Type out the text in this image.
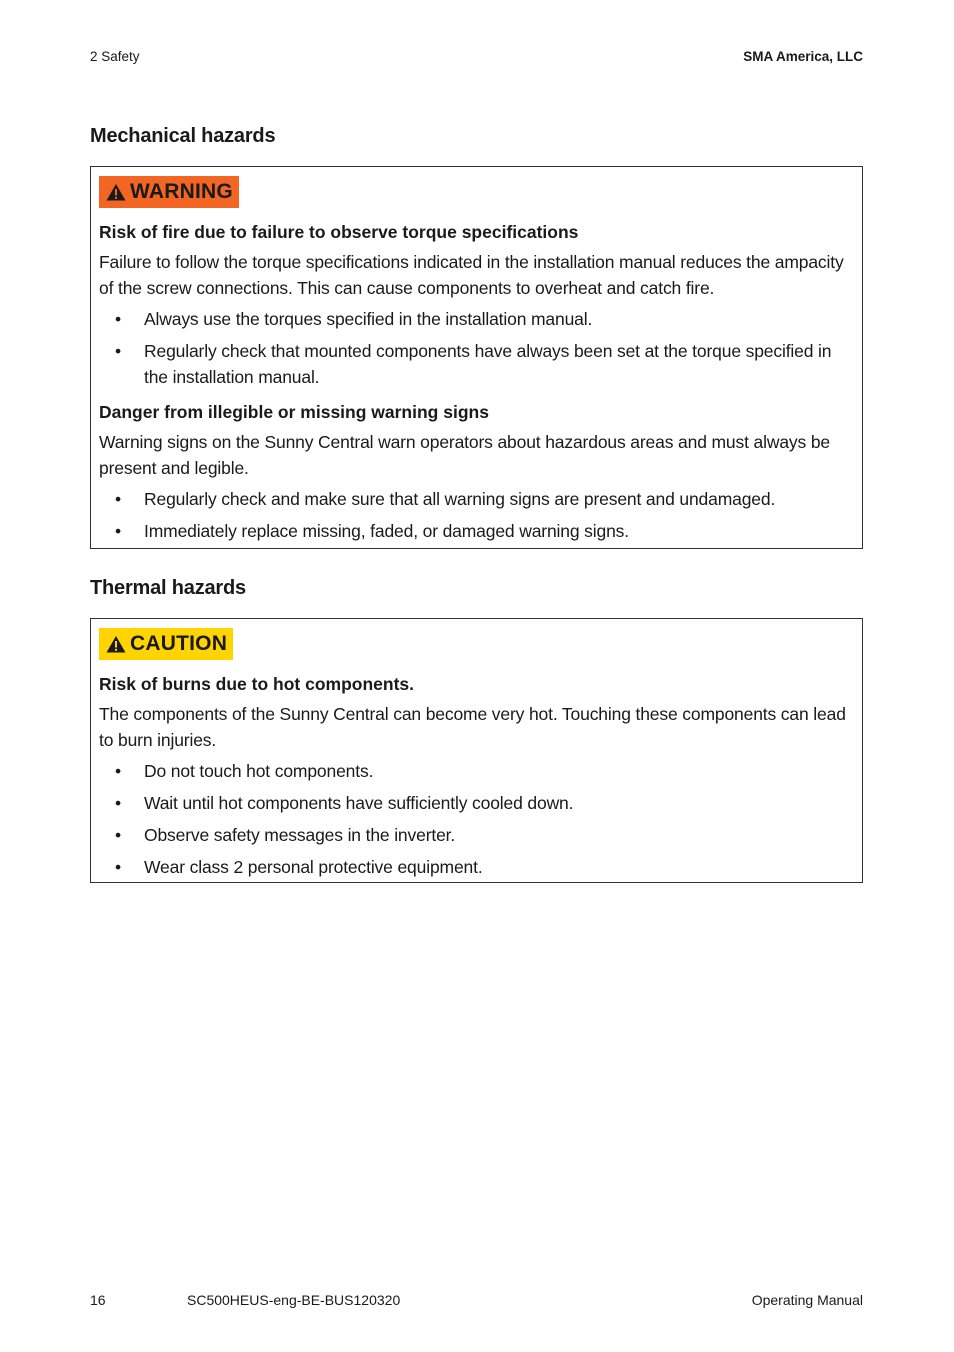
2 Safety	SMA America, LLC
Mechanical hazards
WARNING
Risk of fire due to failure to observe torque specifications

Failure to follow the torque specifications indicated in the installation manual reduces the ampacity of the screw connections. This can cause components to overheat and catch fire.

• Always use the torques specified in the installation manual.
• Regularly check that mounted components have always been set at the torque specified in the installation manual.
Danger from illegible or missing warning signs

Warning signs on the Sunny Central warn operators about hazardous areas and must always be present and legible.

• Regularly check and make sure that all warning signs are present and undamaged.
• Immediately replace missing, faded, or damaged warning signs.
Thermal hazards
CAUTION
Risk of burns due to hot components.

The components of the Sunny Central can become very hot. Touching these components can lead to burn injuries.

• Do not touch hot components.
• Wait until hot components have sufficiently cooled down.
• Observe safety messages in the inverter.
• Wear class 2 personal protective equipment.
16	SC500HEUS-eng-BE-BUS120320	Operating Manual
